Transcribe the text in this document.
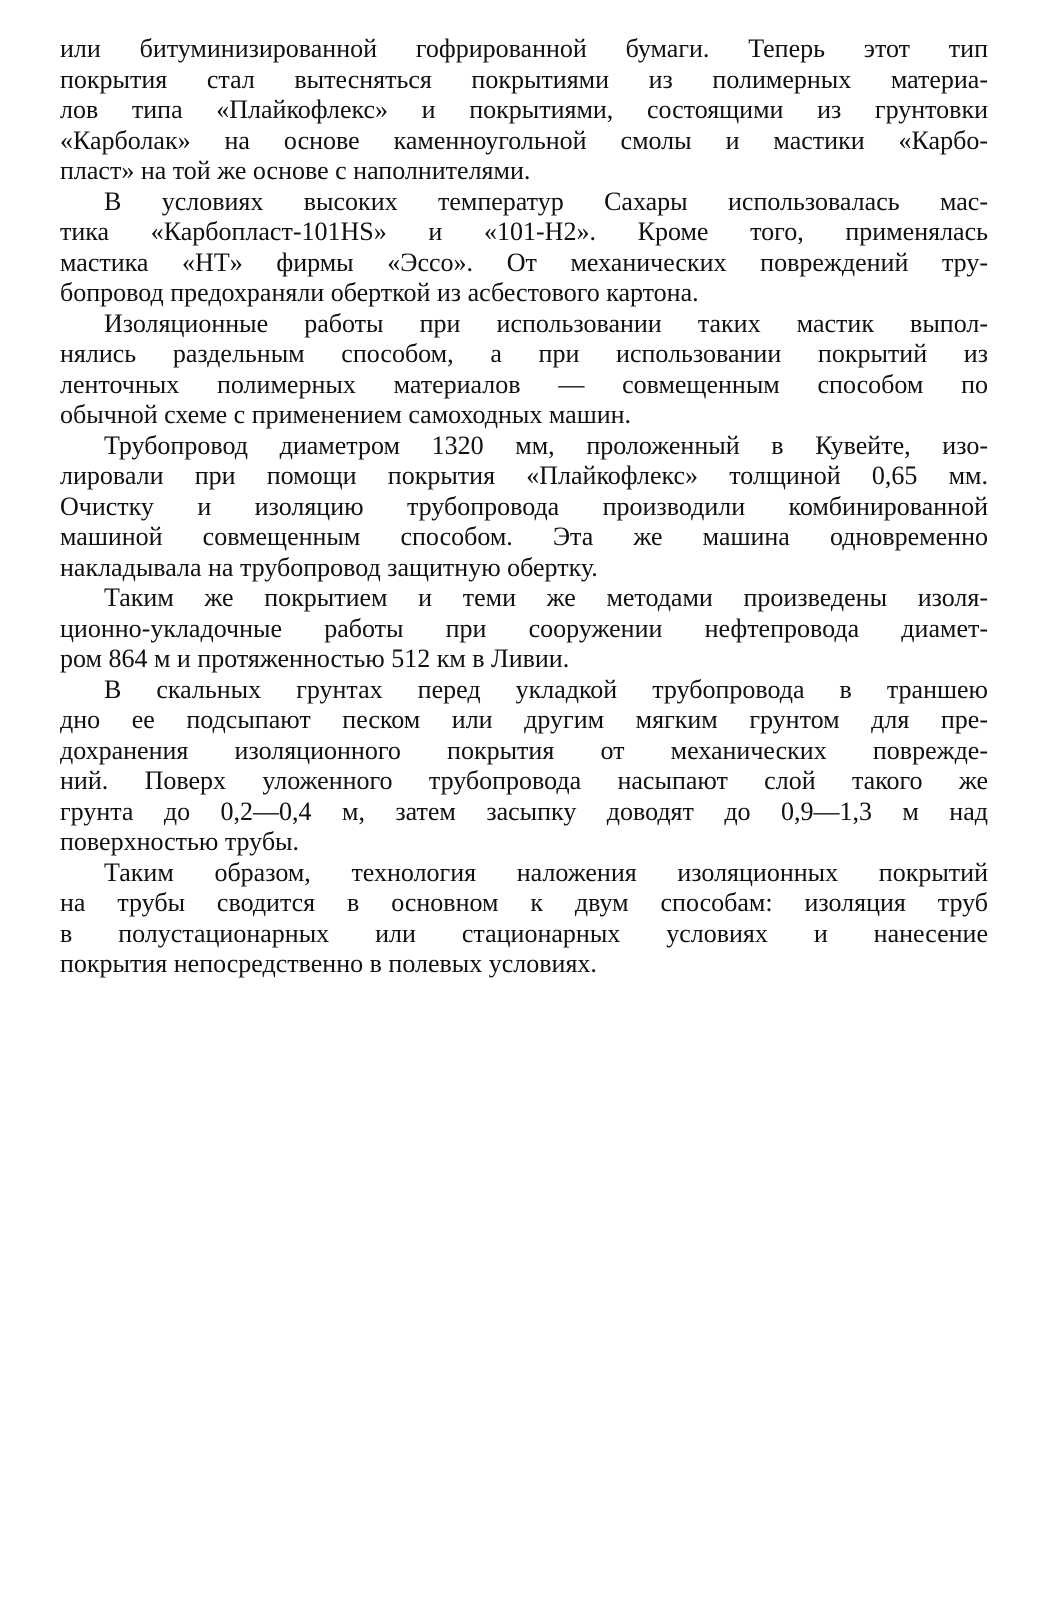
или битуминизированной гофрированной бумаги. Теперь этот тип
покрытия стал вытесняться покрытиями из полимерных материа-
лов типа «Плайкофлекс» и покрытиями, состоящими из грунтовки
«Карболак» на основе каменноугольной смолы и мастики «Карбо-
пласт» на той же основе с наполнителями.
В условиях высоких температур Сахары использовалась мас-
тика «Карбопласт-101HS» и «101-H2». Кроме того, применялась
мастика «HT» фирмы «Эссо». От механических повреждений тру-
бопровод предохраняли оберткой из асбестового картона.
Изоляционные работы при использовании таких мастик выпол-
нялись раздельным способом, а при использовании покрытий из
ленточных полимерных материалов — совмещенным способом по
обычной схеме с применением самоходных машин.
Трубопровод диаметром 1320 мм, проложенный в Кувейте, изо-
лировали при помощи покрытия «Плайкофлекс» толщиной 0,65 мм.
Очистку и изоляцию трубопровода производили комбинированной
машиной совмещенным способом. Эта же машина одновременно
накладывала на трубопровод защитную обертку.
Таким же покрытием и теми же методами произведены изоля-
ционно-укладочные работы при сооружении нефтепровода диамет-
ром 864 м и протяженностью 512 км в Ливии.
В скальных грунтах перед укладкой трубопровода в траншею
дно ее подсыпают песком или другим мягким грунтом для пре-
дохранения изоляционного покрытия от механических поврежде-
ний. Поверх уложенного трубопровода насыпают слой такого же
грунта до 0,2—0,4 м, затем засыпку доводят до 0,9—1,3 м над
поверхностью трубы.
Таким образом, технология наложения изоляционных покрытий
на трубы сводится в основном к двум способам: изоляция труб
в полустационарных или стационарных условиях и нанесение
покрытия непосредственно в полевых условиях.
